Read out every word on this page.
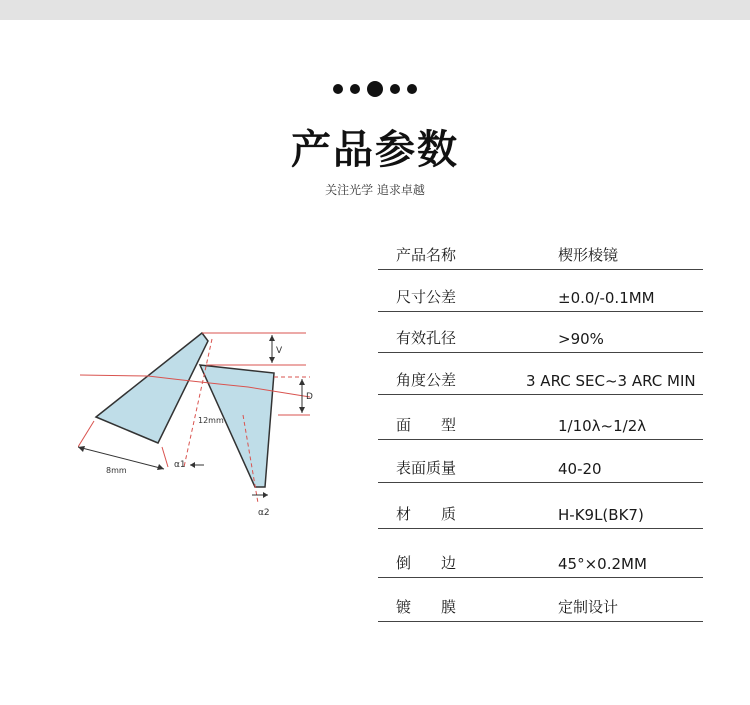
产品参数
关注光学 追求卓越
V
D
12mm
8mm
α1
α2
产品名称	楔形棱镜
尺寸公差	±0.0/-0.1MM
有效孔径	>90%
角度公差	3 ARC SEC~3 ARC MIN
面　　型	1/10λ~1/2λ
表面质量	40-20
材　　质	H-K9L(BK7)
倒　　边	45°×0.2MM
镀　　膜	定制设计
